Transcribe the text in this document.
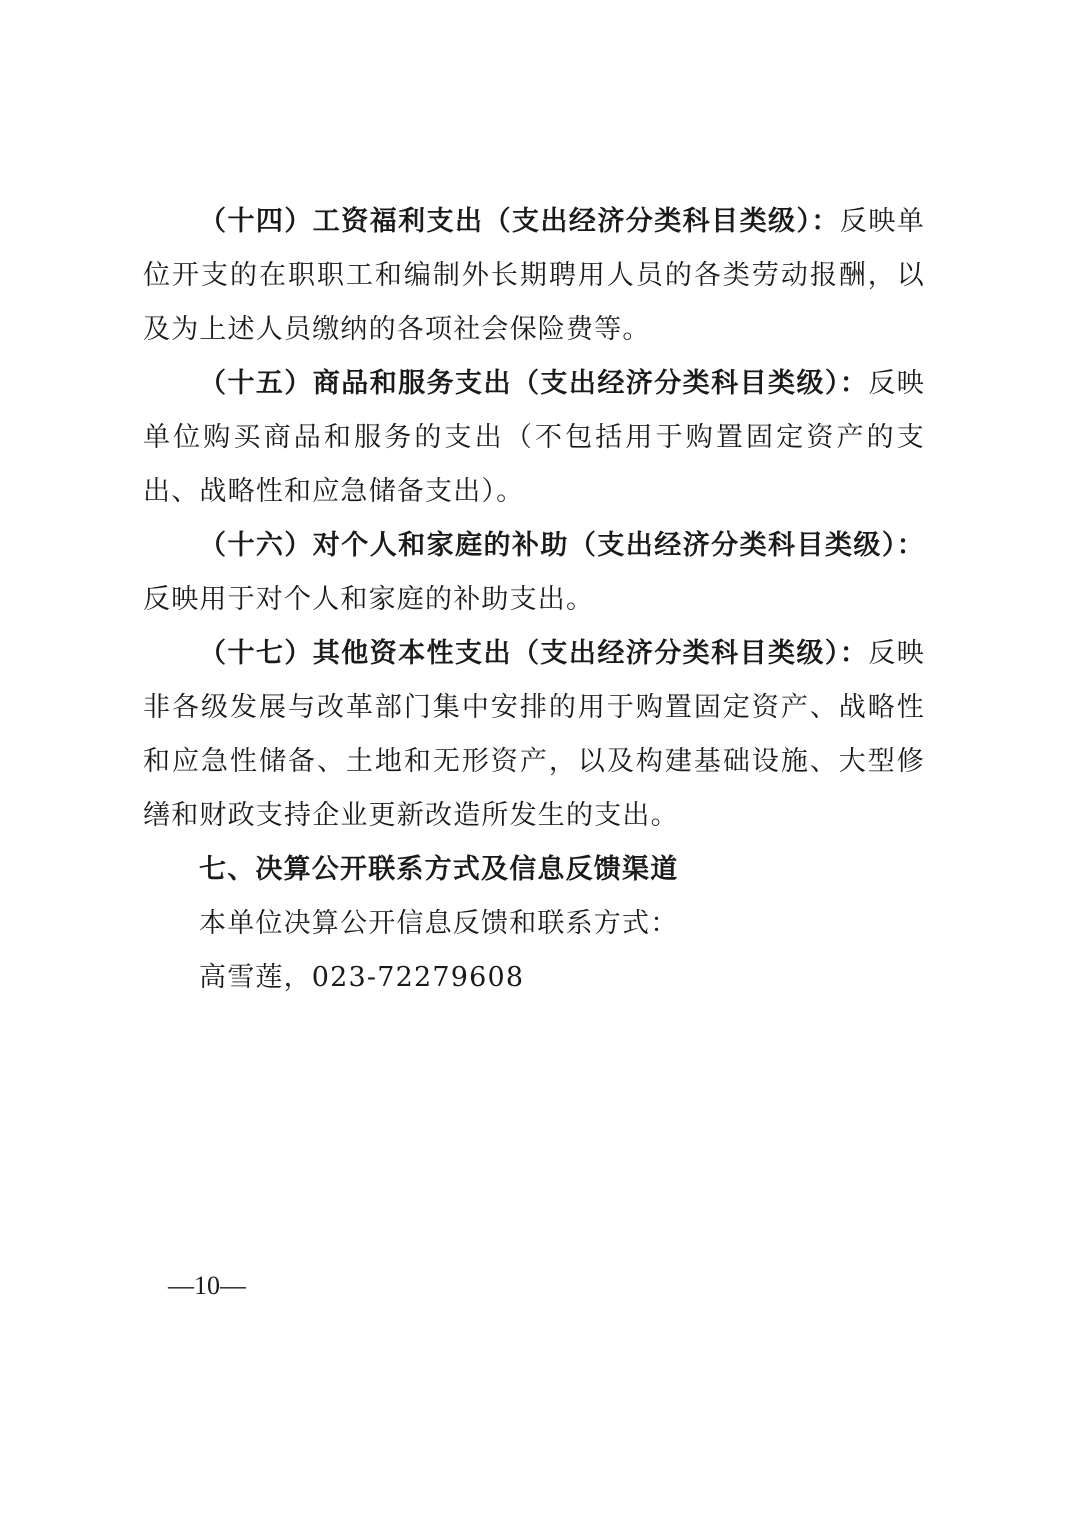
（十四）工资福利支出（支出经济分类科目类级）：反映单位开支的在职职工和编制外长期聘用人员的各类劳动报酬，以及为上述人员缴纳的各项社会保险费等。

（十五）商品和服务支出（支出经济分类科目类级）：反映单位购买商品和服务的支出（不包括用于购置固定资产的支出、战略性和应急储备支出）。

（十六）对个人和家庭的补助（支出经济分类科目类级）：反映用于对个人和家庭的补助支出。

（十七）其他资本性支出（支出经济分类科目类级）：反映非各级发展与改革部门集中安排的用于购置固定资产、战略性和应急性储备、土地和无形资产，以及构建基础设施、大型修缮和财政支持企业更新改造所发生的支出。

七、决算公开联系方式及信息反馈渠道

本单位决算公开信息反馈和联系方式：

高雪莲，023-72279608

—10—
